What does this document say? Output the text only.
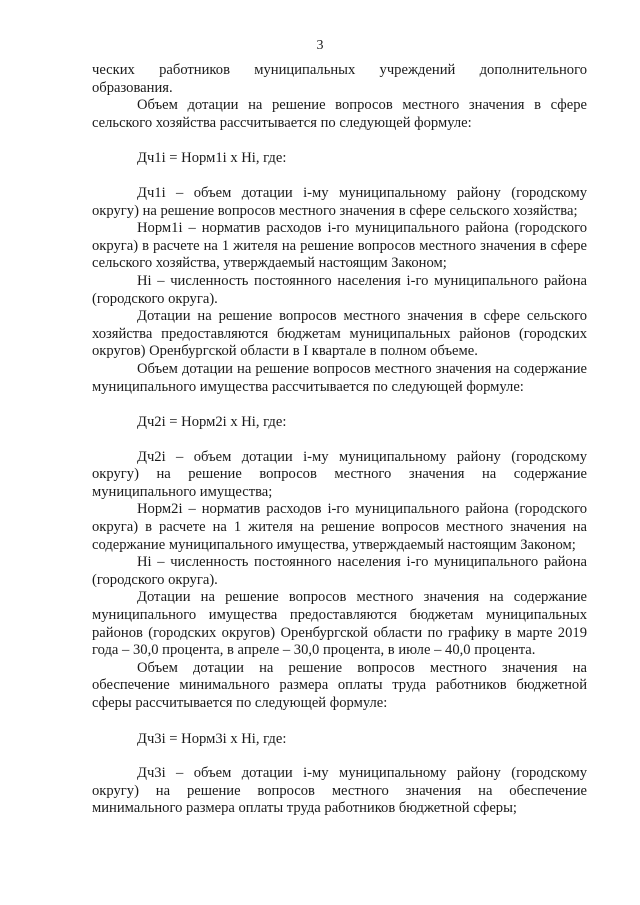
3

ческих работников муниципальных учреждений дополнительного образования.

Объем дотации на решение вопросов местного значения в сфере сельского хозяйства рассчитывается по следующей формуле:

Дч1i = Норм1i х Нi, где:

Дч1i – объем дотации i-му муниципальному району (городскому округу) на решение вопросов местного значения в сфере сельского хозяйства;

Норм1i – норматив расходов i-го муниципального района (городского округа) в расчете на 1 жителя на решение вопросов местного значения в сфере сельского хозяйства, утверждаемый настоящим Законом;

Нi – численность постоянного населения i-го муниципального района (городского округа).

Дотации на решение вопросов местного значения в сфере сельского хозяйства предоставляются бюджетам муниципальных районов (городских округов) Оренбургской области в I квартале в полном объеме.

Объем дотации на решение вопросов местного значения на содержание муниципального имущества рассчитывается по следующей формуле:

Дч2i = Норм2i х Нi, где:

Дч2i – объем дотации i-му муниципальному району (городскому округу) на решение вопросов местного значения на содержание муниципального имущества;

Норм2i – норматив расходов i-го муниципального района (городского округа) в расчете на 1 жителя на решение вопросов местного значения на содержание муниципального имущества, утверждаемый настоящим Законом;

Нi – численность постоянного населения i-го муниципального района (городского округа).

Дотации на решение вопросов местного значения на содержание муниципального имущества предоставляются бюджетам муниципальных районов (городских округов) Оренбургской области по графику в марте 2019 года – 30,0 процента, в апреле – 30,0 процента, в июле – 40,0 процента.

Объем дотации на решение вопросов местного значения на обеспечение минимального размера оплаты труда работников бюджетной сферы рассчитывается по следующей формуле:

Дч3i = Норм3i х Нi, где:

Дч3i – объем дотации i-му муниципальному району (городскому округу) на решение вопросов местного значения на обеспечение минимального размера оплаты труда работников бюджетной сферы;
